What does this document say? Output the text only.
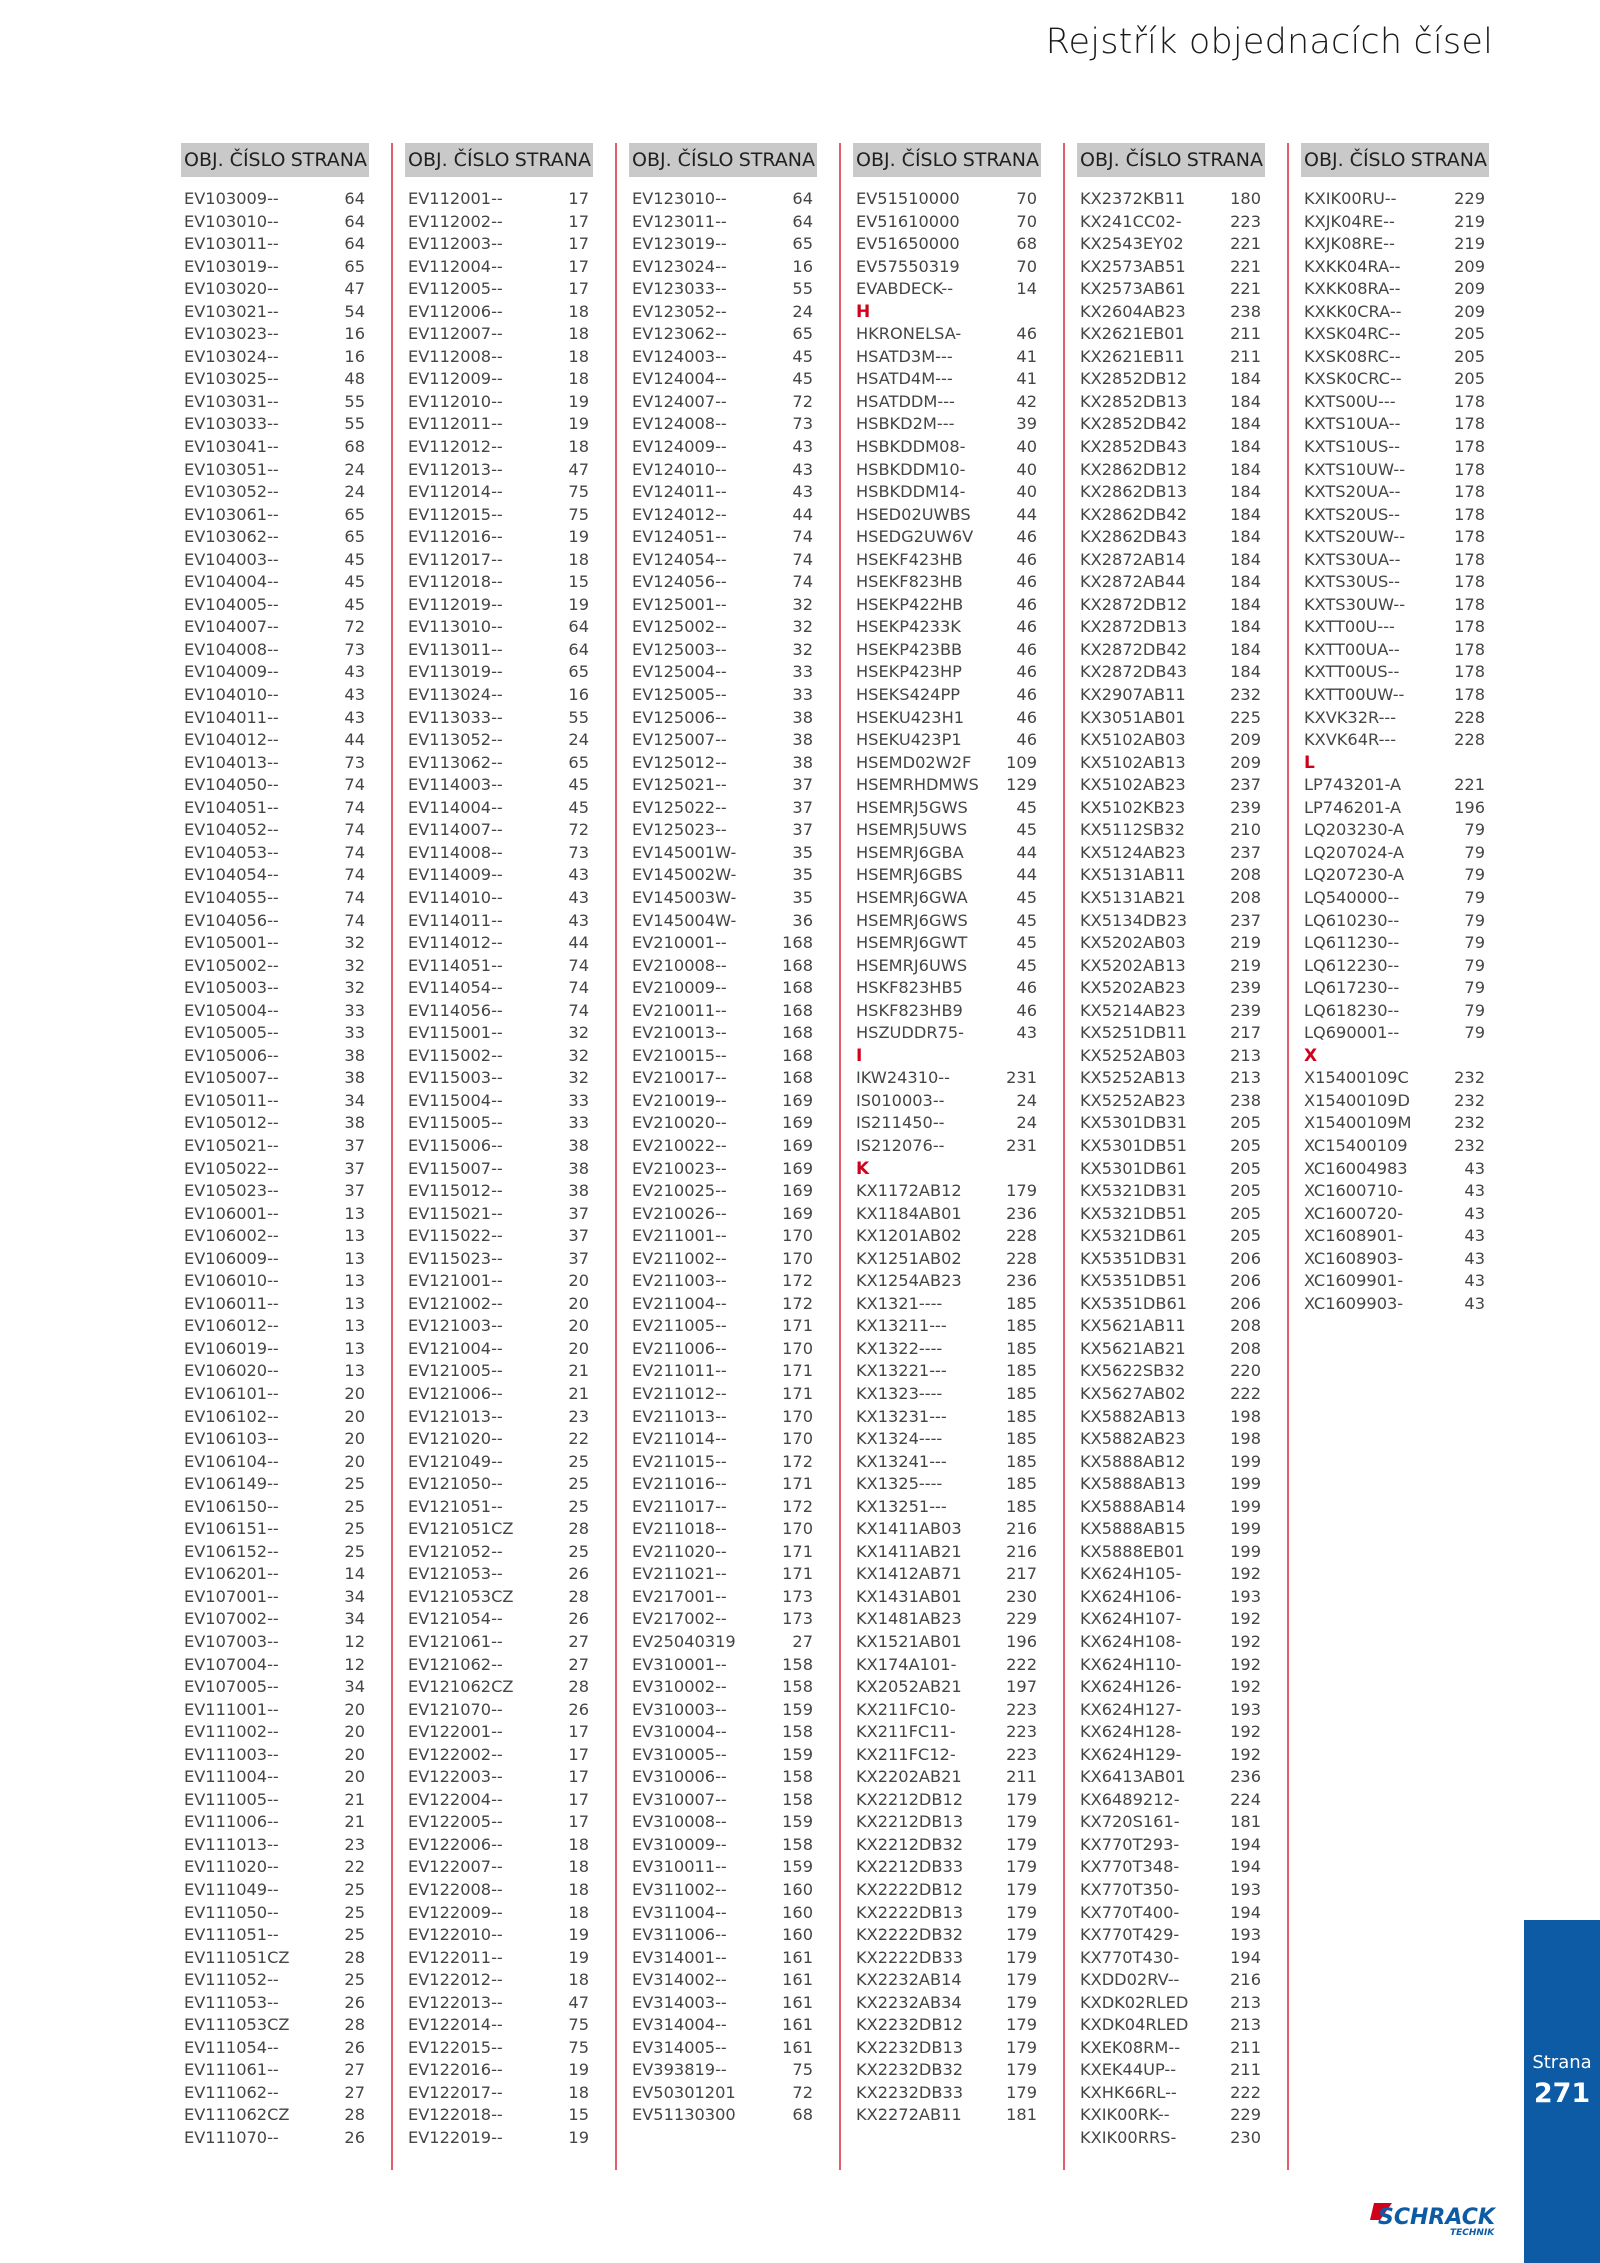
Rejstřík objednacích čísel
OBJ. ČÍSLO STRANA
EV103009--	64
EV103010--	64
EV103011--	64
EV103019--	65
EV103020--	47
EV103021--	54
EV103023--	16
EV103024--	16
EV103025--	48
EV103031--	55
EV103033--	55
EV103041--	68
EV103051--	24
EV103052--	24
EV103061--	65
EV103062--	65
EV104003--	45
EV104004--	45
EV104005--	45
EV104007--	72
EV104008--	73
EV104009--	43
EV104010--	43
EV104011--	43
EV104012--	44
EV104013--	73
EV104050--	74
EV104051--	74
EV104052--	74
EV104053--	74
EV104054--	74
EV104055--	74
EV104056--	74
EV105001--	32
EV105002--	32
EV105003--	32
EV105004--	33
EV105005--	33
EV105006--	38
EV105007--	38
EV105011--	34
EV105012--	38
EV105021--	37
EV105022--	37
EV105023--	37
EV106001--	13
EV106002--	13
EV106009--	13
EV106010--	13
EV106011--	13
EV106012--	13
EV106019--	13
EV106020--	13
EV106101--	20
EV106102--	20
EV106103--	20
EV106104--	20
EV106149--	25
EV106150--	25
EV106151--	25
EV106152--	25
EV106201--	14
EV107001--	34
EV107002--	34
EV107003--	12
EV107004--	12
EV107005--	34
EV111001--	20
EV111002--	20
EV111003--	20
EV111004--	20
EV111005--	21
EV111006--	21
EV111013--	23
EV111020--	22
EV111049--	25
EV111050--	25
EV111051--	25
EV111051CZ	28
EV111052--	25
EV111053--	26
EV111053CZ	28
EV111054--	26
EV111061--	27
EV111062--	27
EV111062CZ	28
EV111070--	26
OBJ. ČÍSLO STRANA
EV112001--	17
EV112002--	17
EV112003--	17
EV112004--	17
EV112005--	17
EV112006--	18
EV112007--	18
EV112008--	18
EV112009--	18
EV112010--	19
EV112011--	19
EV112012--	18
EV112013--	47
EV112014--	75
EV112015--	75
EV112016--	19
EV112017--	18
EV112018--	15
EV112019--	19
EV113010--	64
EV113011--	64
EV113019--	65
EV113024--	16
EV113033--	55
EV113052--	24
EV113062--	65
EV114003--	45
EV114004--	45
EV114007--	72
EV114008--	73
EV114009--	43
EV114010--	43
EV114011--	43
EV114012--	44
EV114051--	74
EV114054--	74
EV114056--	74
EV115001--	32
EV115002--	32
EV115003--	32
EV115004--	33
EV115005--	33
EV115006--	38
EV115007--	38
EV115012--	38
EV115021--	37
EV115022--	37
EV115023--	37
EV121001--	20
EV121002--	20
EV121003--	20
EV121004--	20
EV121005--	21
EV121006--	21
EV121013--	23
EV121020--	22
EV121049--	25
EV121050--	25
EV121051--	25
EV121051CZ	28
EV121052--	25
EV121053--	26
EV121053CZ	28
EV121054--	26
EV121061--	27
EV121062--	27
EV121062CZ	28
EV121070--	26
EV122001--	17
EV122002--	17
EV122003--	17
EV122004--	17
EV122005--	17
EV122006--	18
EV122007--	18
EV122008--	18
EV122009--	18
EV122010--	19
EV122011--	19
EV122012--	18
EV122013--	47
EV122014--	75
EV122015--	75
EV122016--	19
EV122017--	18
EV122018--	15
EV122019--	19
OBJ. ČÍSLO STRANA
EV123010--	64
EV123011--	64
EV123019--	65
EV123024--	16
EV123033--	55
EV123052--	24
EV123062--	65
EV124003--	45
EV124004--	45
EV124007--	72
EV124008--	73
EV124009--	43
EV124010--	43
EV124011--	43
EV124012--	44
EV124051--	74
EV124054--	74
EV124056--	74
EV125001--	32
EV125002--	32
EV125003--	32
EV125004--	33
EV125005--	33
EV125006--	38
EV125007--	38
EV125012--	38
EV125021--	37
EV125022--	37
EV125023--	37
EV145001W-	35
EV145002W-	35
EV145003W-	35
EV145004W-	36
EV210001--	168
EV210008--	168
EV210009--	168
EV210011--	168
EV210013--	168
EV210015--	168
EV210017--	168
EV210019--	169
EV210020--	169
EV210022--	169
EV210023--	169
EV210025--	169
EV210026--	169
EV211001--	170
EV211002--	170
EV211003--	172
EV211004--	172
EV211005--	171
EV211006--	170
EV211011--	171
EV211012--	171
EV211013--	170
EV211014--	170
EV211015--	172
EV211016--	171
EV211017--	172
EV211018--	170
EV211020--	171
EV211021--	171
EV217001--	173
EV217002--	173
EV25040319	27
EV310001--	158
EV310002--	158
EV310003--	159
EV310004--	158
EV310005--	159
EV310006--	158
EV310007--	158
EV310008--	159
EV310009--	158
EV310011--	159
EV311002--	160
EV311004--	160
EV311006--	160
EV314001--	161
EV314002--	161
EV314003--	161
EV314004--	161
EV314005--	161
EV393819--	75
EV50301201	72
EV51130300	68
OBJ. ČÍSLO STRANA
EV51510000	70
EV51610000	70
EV51650000	68
EV57550319	70
EVABDECK--	14
H
HKRONELSA-	46
HSATD3M---	41
HSATD4M---	41
HSATDDM---	42
HSBKD2M---	39
HSBKDDM08-	40
HSBKDDM10-	40
HSBKDDM14-	40
HSED02UWBS	44
HSEDG2UW6V	46
HSEKF423HB	46
HSEKF823HB	46
HSEKP422HB	46
HSEKP4233K	46
HSEKP423BB	46
HSEKP423HP	46
HSEKS424PP	46
HSEKU423H1	46
HSEKU423P1	46
HSEMD02W2F 109
HSEMRHDMWS 129
HSEMRJ5GWS	45
HSEMRJ5UWS	45
HSEMRJ6GBA	44
HSEMRJ6GBS	44
HSEMRJ6GWA	45
HSEMRJ6GWS	45
HSEMRJ6GWT	45
HSEMRJ6UWS	45
HSKF823HB5	46
HSKF823HB9	46
HSZUDDR75-	43
I
IKW24310--	231
IS010003--	24
IS211450--	24
IS212076--	231
K
KX1172AB12	179
KX1184AB01	236
KX1201AB02	228
KX1251AB02	228
KX1254AB23	236
KX1321----	185
KX13211---	185
KX1322----	185
KX13221---	185
KX1323----	185
KX13231---	185
KX1324----	185
KX13241---	185
KX1325----	185
KX13251---	185
KX1411AB03	216
KX1411AB21	216
KX1412AB71	217
KX1431AB01	230
KX1481AB23	229
KX1521AB01	196
KX174A101-	222
KX2052AB21	197
KX211FC10-	223
KX211FC11-	223
KX211FC12-	223
KX2202AB21	211
KX2212DB12	179
KX2212DB13	179
KX2212DB32	179
KX2212DB33	179
KX2222DB12	179
KX2222DB13	179
KX2222DB32	179
KX2222DB33	179
KX2232AB14	179
KX2232AB34	179
KX2232DB12	179
KX2232DB13	179
KX2232DB32	179
KX2232DB33	179
KX2272AB11	181
OBJ. ČÍSLO STRANA
KX2372KB11	180
KX241CC02-	223
KX2543EY02	221
KX2573AB51	221
KX2573AB61	221
KX2604AB23	238
KX2621EB01	211
KX2621EB11	211
KX2852DB12	184
KX2852DB13	184
KX2852DB42	184
KX2852DB43	184
KX2862DB12	184
KX2862DB13	184
KX2862DB42	184
KX2862DB43	184
KX2872AB14	184
KX2872AB44	184
KX2872DB12	184
KX2872DB13	184
KX2872DB42	184
KX2872DB43	184
KX2907AB11	232
KX3051AB01	225
KX5102AB03	209
KX5102AB13	209
KX5102AB23	237
KX5102KB23	239
KX5112SB32	210
KX5124AB23	237
KX5131AB11	208
KX5131AB21	208
KX5134DB23	237
KX5202AB03	219
KX5202AB13	219
KX5202AB23	239
KX5214AB23	239
KX5251DB11	217
KX5252AB03	213
KX5252AB13	213
KX5252AB23	238
KX5301DB31	205
KX5301DB51	205
KX5301DB61	205
KX5321DB31	205
KX5321DB51	205
KX5321DB61	205
KX5351DB31	206
KX5351DB51	206
KX5351DB61	206
KX5621AB11	208
KX5621AB21	208
KX5622SB32	220
KX5627AB02	222
KX5882AB13	198
KX5882AB23	198
KX5888AB12	199
KX5888AB13	199
KX5888AB14	199
KX5888AB15	199
KX5888EB01	199
KX624H105-	192
KX624H106-	193
KX624H107-	192
KX624H108-	192
KX624H110-	192
KX624H126-	192
KX624H127-	193
KX624H128-	192
KX624H129-	192
KX6413AB01	236
KX6489212-	224
KX720S161-	181
KX770T293-	194
KX770T348-	194
KX770T350-	193
KX770T400-	194
KX770T429-	193
KX770T430-	194
KXDD02RV--	216
KXDK02RLED	213
KXDK04RLED	213
KXEK08RM--	211
KXEK44UP--	211
KXHK66RL--	222
KXIK00RK--	229
KXIK00RRS-	230
OBJ. ČÍSLO STRANA
KXIK00RU--	229
KXJK04RE--	219
KXJK08RE--	219
KXKK04RA--	209
KXKK08RA--	209
KXKK0CRA--	209
KXSK04RC--	205
KXSK08RC--	205
KXSK0CRC--	205
KXTS00U---	178
KXTS10UA--	178
KXTS10US--	178
KXTS10UW--	178
KXTS20UA--	178
KXTS20US--	178
KXTS20UW--	178
KXTS30UA--	178
KXTS30US--	178
KXTS30UW--	178
KXTT00U---	178
KXTT00UA--	178
KXTT00US--	178
KXTT00UW--	178
KXVK32R---	228
KXVK64R---	228
L
LP743201-A	221
LP746201-A	196
LQ203230-A	79
LQ207024-A	79
LQ207230-A	79
LQ540000--	79
LQ610230--	79
LQ611230--	79
LQ612230--	79
LQ617230--	79
LQ618230--	79
LQ690001--	79
X
X15400109C	232
X15400109D	232
X15400109M	232
XC15400109	232
XC16004983	43
XC1600710-	43
XC1600720-	43
XC1608901-	43
XC1608903-	43
XC1609901-	43
XC1609903-	43
Strana
271
SCHRACK
TECHNIK
